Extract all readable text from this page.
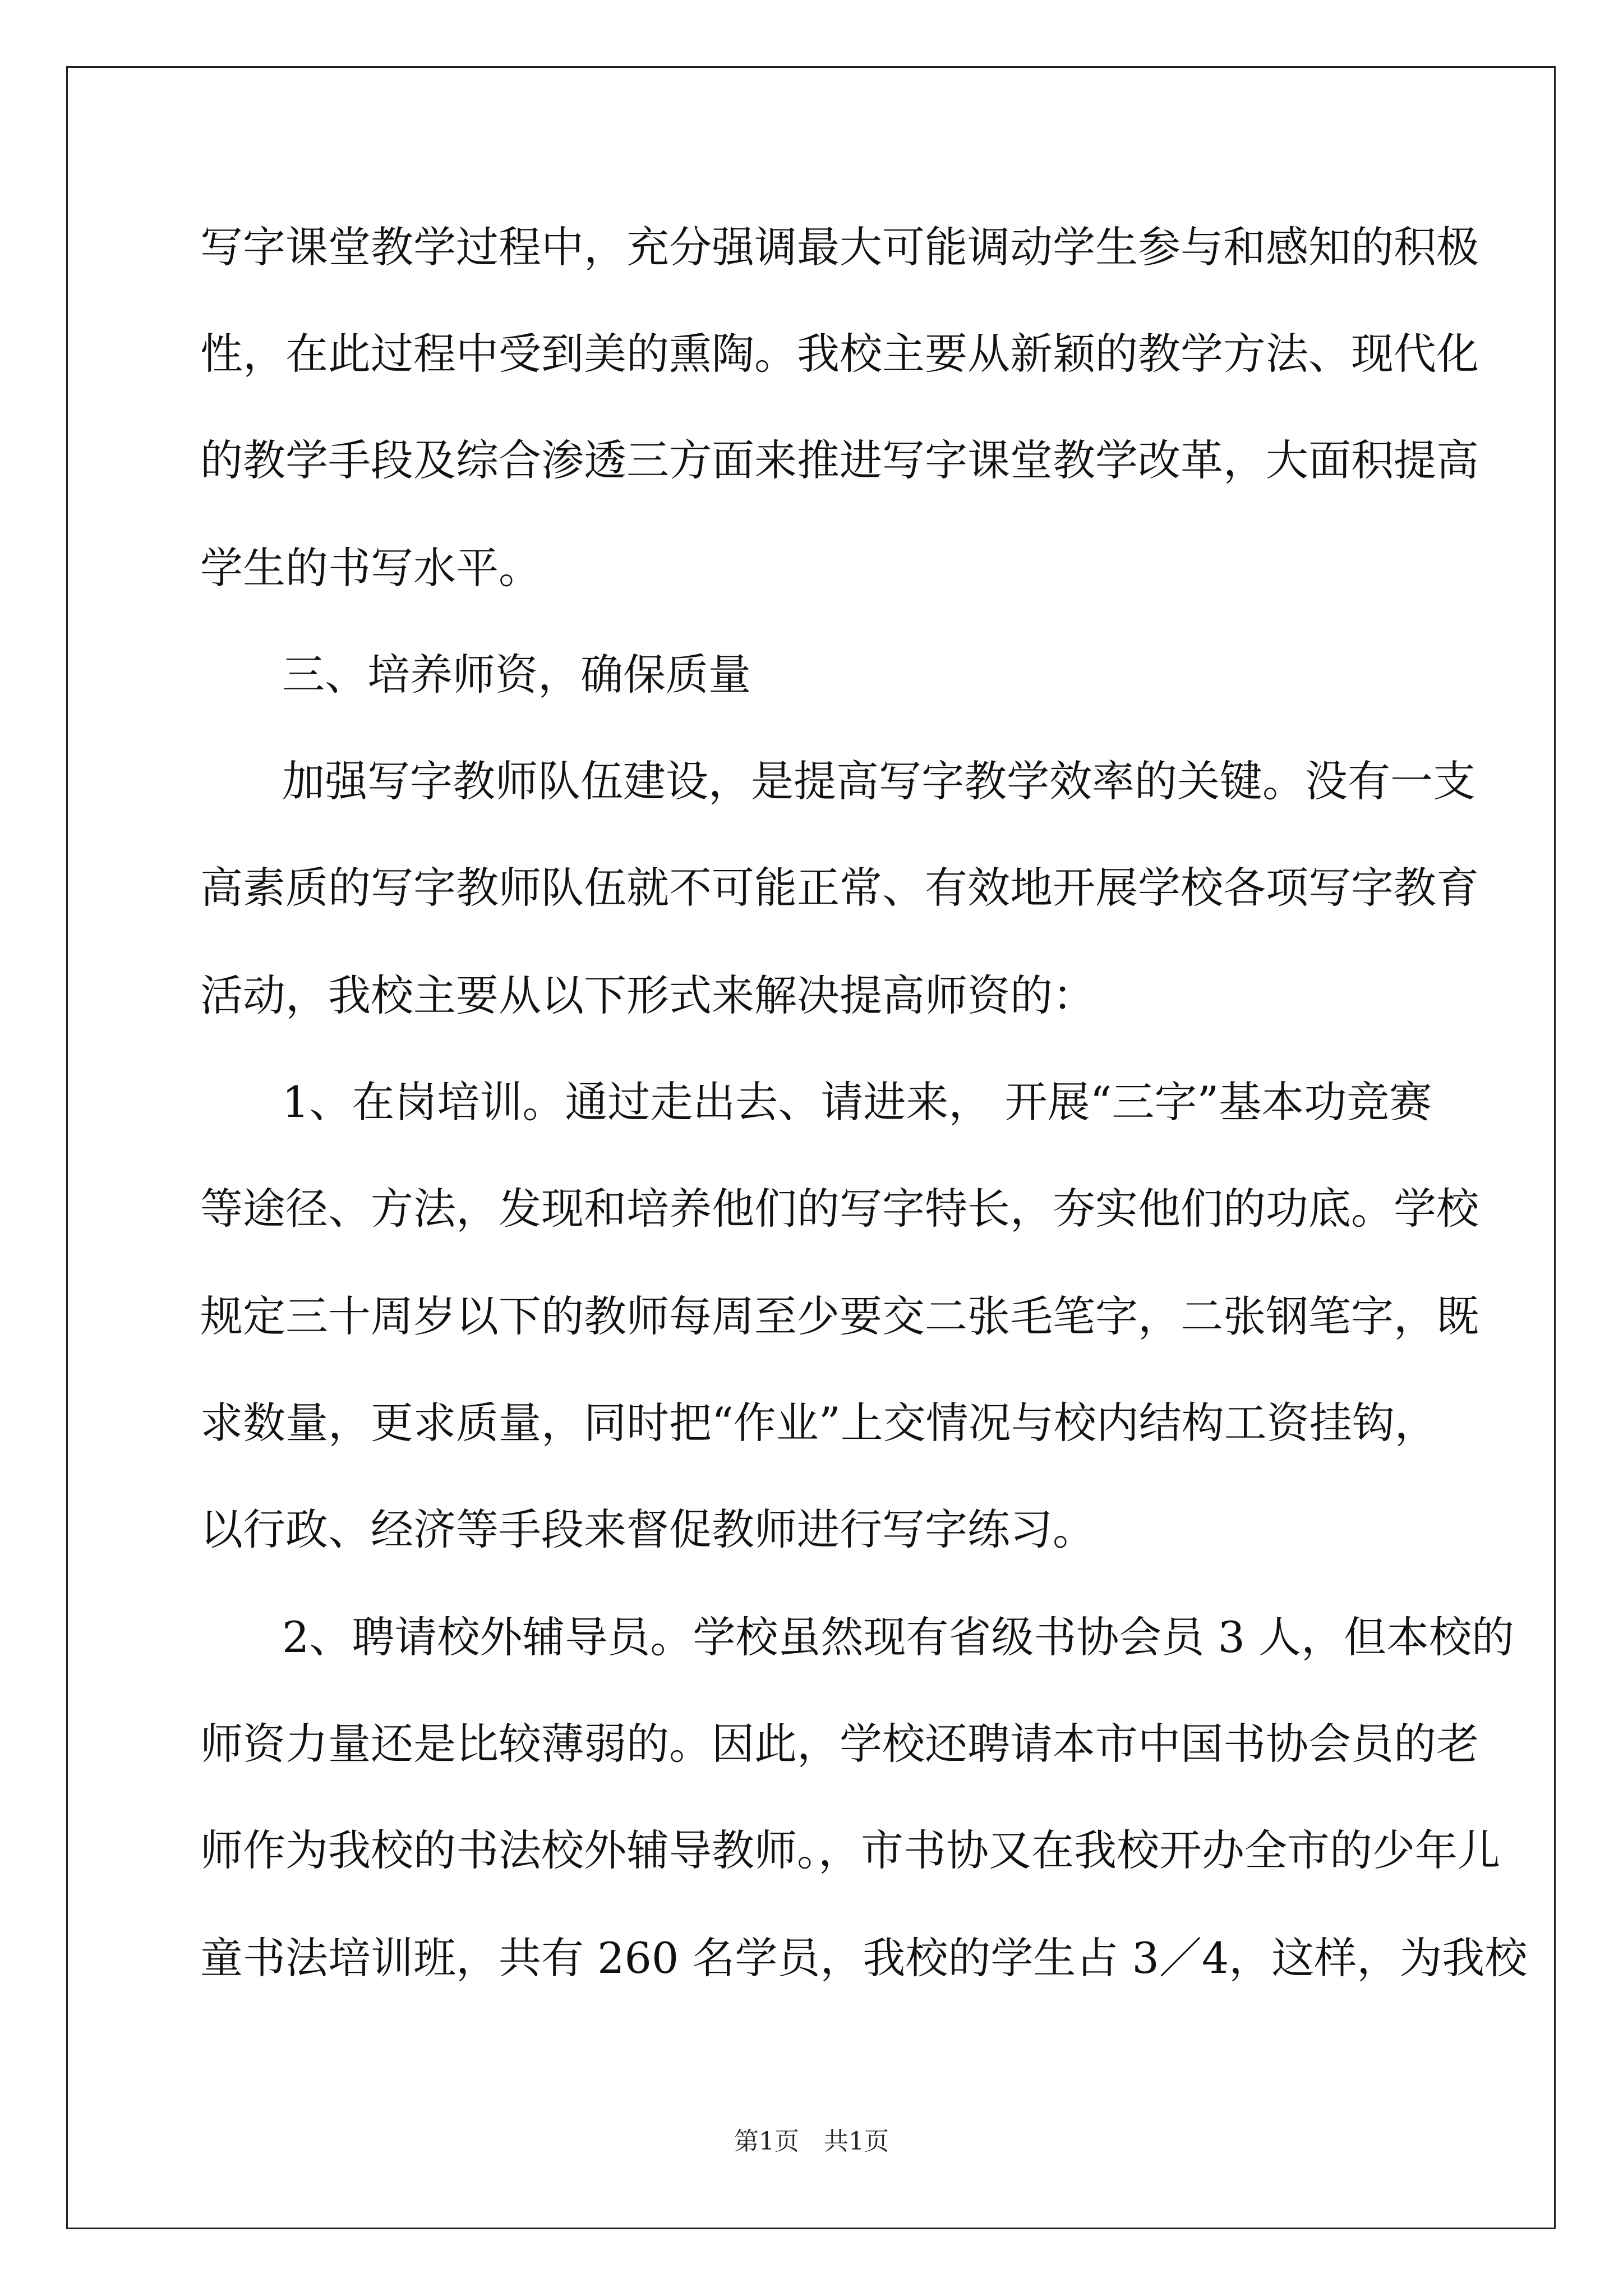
写字课堂教学过程中，充分强调最大可能调动学生参与和感知的积极
性，在此过程中受到美的熏陶。我校主要从新颖的教学方法、现代化
的教学手段及综合渗透三方面来推进写字课堂教学改革，大面积提高
学生的书写水平。
三、培养师资，确保质量
加强写字教师队伍建设，是提高写字教学效率的关键。没有一支
高素质的写字教师队伍就不可能正常、有效地开展学校各项写字教育
活动，我校主要从以下形式来解决提高师资的：
1、在岗培训。通过走出去、请进来， 开展“三字”基本功竞赛
等途径、方法，发现和培养他们的写字特长，夯实他们的功底。学校
规定三十周岁以下的教师每周至少要交二张毛笔字，二张钢笔字，既
求数量，更求质量，同时把“作业”上交情况与校内结构工资挂钩，
以行政、经济等手段来督促教师进行写字练习。
2、聘请校外辅导员。学校虽然现有省级书协会员 3 人，但本校的
师资力量还是比较薄弱的。因此，学校还聘请本市中国书协会员的老
师作为我校的书法校外辅导教师。，市书协又在我校开办全市的少年儿
童书法培训班，共有 260 名学员，我校的学生占 3／4，这样，为我校
第1页　共1页
